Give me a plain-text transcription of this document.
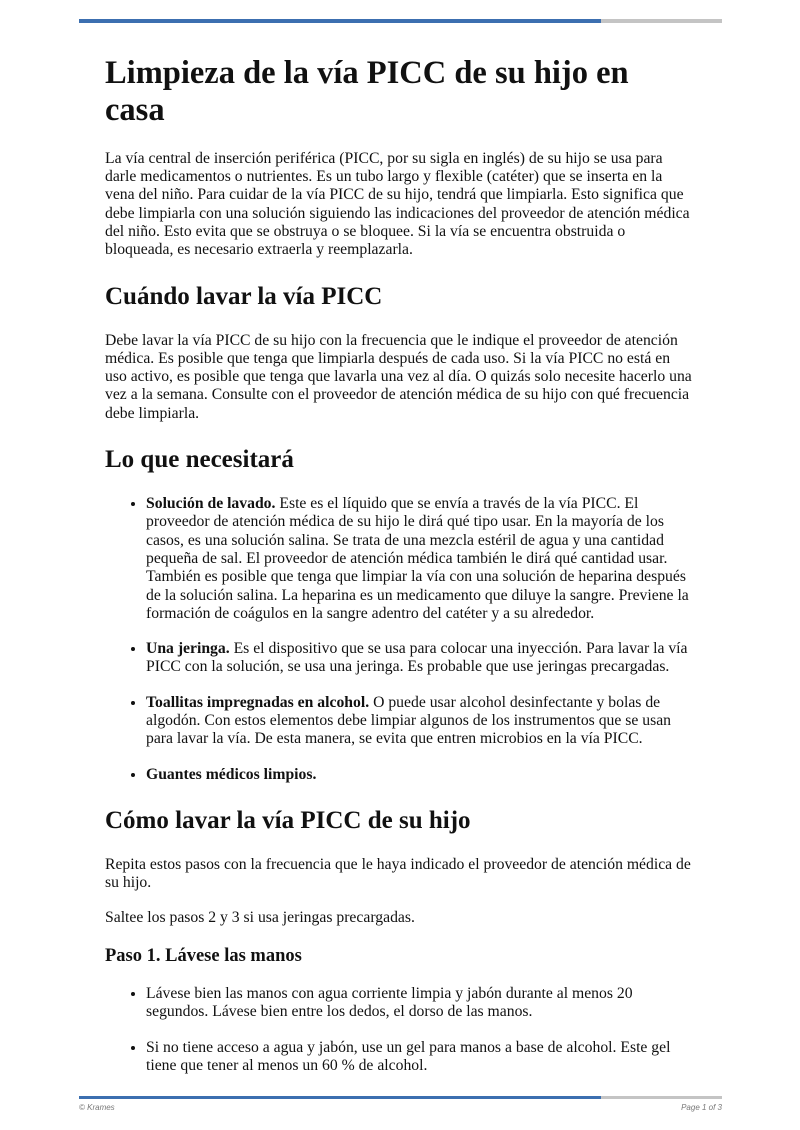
Limpieza de la vía PICC de su hijo en casa

La vía central de inserción periférica (PICC, por su sigla en inglés) de su hijo se usa para darle medicamentos o nutrientes. Es un tubo largo y flexible (catéter) que se inserta en la vena del niño. Para cuidar de la vía PICC de su hijo, tendrá que limpiarla. Esto significa que debe limpiarla con una solución siguiendo las indicaciones del proveedor de atención médica del niño. Esto evita que se obstruya o se bloquee. Si la vía se encuentra obstruida o bloqueada, es necesario extraerla y reemplazarla.

Cuándo lavar la vía PICC

Debe lavar la vía PICC de su hijo con la frecuencia que le indique el proveedor de atención médica. Es posible que tenga que limpiarla después de cada uso. Si la vía PICC no está en uso activo, es posible que tenga que lavarla una vez al día. O quizás solo necesite hacerlo una vez a la semana. Consulte con el proveedor de atención médica de su hijo con qué frecuencia debe limpiarla.

Lo que necesitará
• Solución de lavado. Este es el líquido que se envía a través de la vía PICC. El proveedor de atención médica de su hijo le dirá qué tipo usar. En la mayoría de los casos, es una solución salina. Se trata de una mezcla estéril de agua y una cantidad pequeña de sal. El proveedor de atención médica también le dirá qué cantidad usar. También es posible que tenga que limpiar la vía con una solución de heparina después de la solución salina. La heparina es un medicamento que diluye la sangre. Previene la formación de coágulos en la sangre adentro del catéter y a su alrededor.
• Una jeringa. Es el dispositivo que se usa para colocar una inyección. Para lavar la vía PICC con la solución, se usa una jeringa. Es probable que use jeringas precargadas.
• Toallitas impregnadas en alcohol. O puede usar alcohol desinfectante y bolas de algodón. Con estos elementos debe limpiar algunos de los instrumentos que se usan para lavar la vía. De esta manera, se evita que entren microbios en la vía PICC.
• Guantes médicos limpios.
Cómo lavar la vía PICC de su hijo

Repita estos pasos con la frecuencia que le haya indicado el proveedor de atención médica de su hijo.

Saltee los pasos 2 y 3 si usa jeringas precargadas.

Paso 1. Lávese las manos
• Lávese bien las manos con agua corriente limpia y jabón durante al menos 20 segundos. Lávese bien entre los dedos, el dorso de las manos.
• Si no tiene acceso a agua y jabón, use un gel para manos a base de alcohol. Este gel tiene que tener al menos un 60 % de alcohol.
© Krames	Page 1 of 3
